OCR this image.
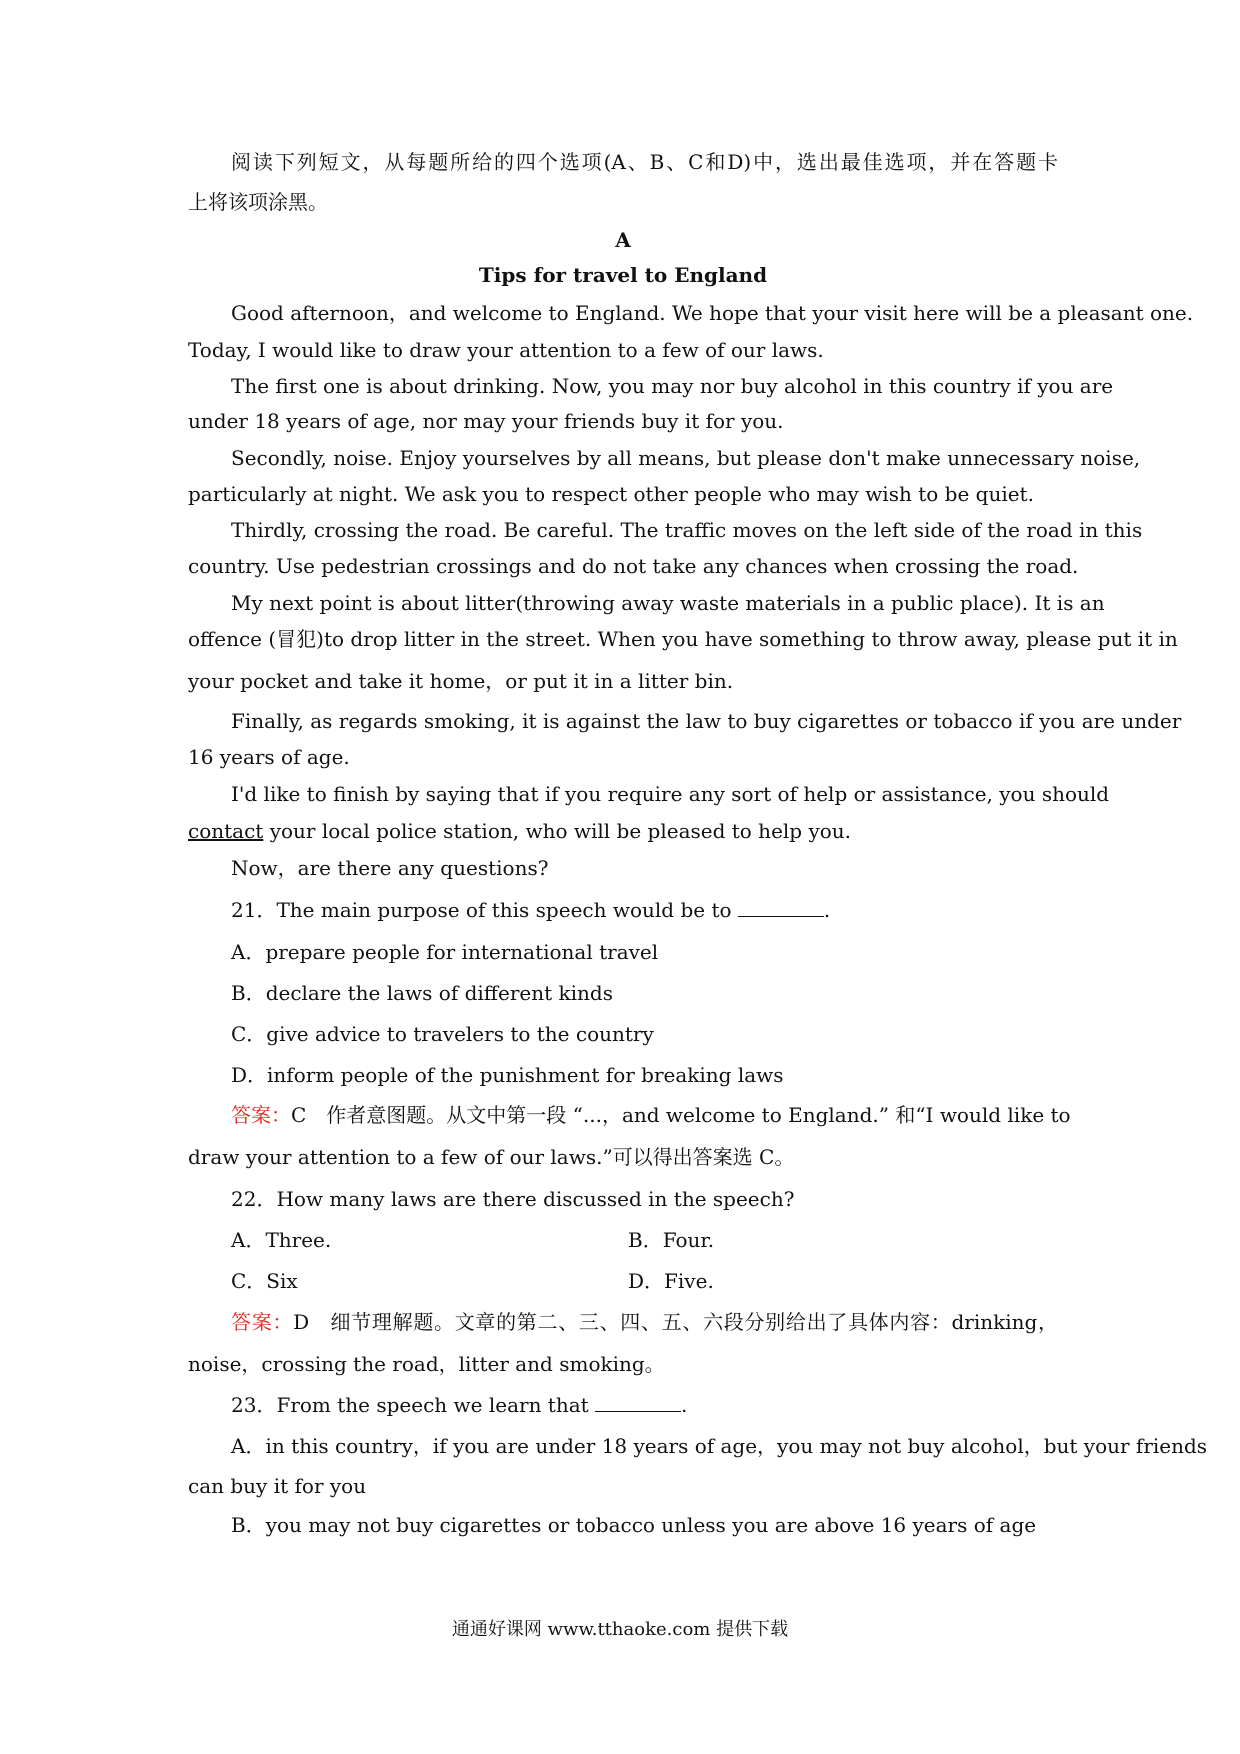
阅读下列短文，从每题所给的四个选项(A、B、C和D)中，选出最佳选项，并在答题卡
上将该项涂黑。
A
Tips for travel to England
Good afternoon，and welcome to England. We hope that your visit here will be a pleasant one.
Today, I would like to draw your attention to a few of our laws.
The first one is about drinking. Now, you may nor buy alcohol in this country if you are
under 18 years of age, nor may your friends buy it for you.
Secondly, noise. Enjoy yourselves by all means, but please don't make unnecessary noise,
particularly at night. We ask you to respect other people who may wish to be quiet.
Thirdly, crossing the road. Be careful. The traffic moves on the left side of the road in this
country. Use pedestrian crossings and do not take any chances when crossing the road.
My next point is about litter(throwing away waste materials in a public place). It is an
offence (冒犯)to drop litter in the street. When you have something to throw away, please put it in
your pocket and take it home，or put it in a litter bin.
Finally, as regards smoking, it is against the law to buy cigarettes or tobacco if you are under
16 years of age.
I'd like to finish by saying that if you require any sort of help or assistance, you should
contact your local police station, who will be pleased to help you.
Now，are there any questions?
21．The main purpose of this speech would be to	.
A．prepare people for international travel
B．declare the laws of different kinds
C．give advice to travelers to the country
D．inform people of the punishment for breaking laws
答案：C　作者意图题。从文中第一段 “...，and welcome to England.” 和“I would like to
draw your attention to a few of our laws.”可以得出答案选 C。
22．How many laws are there discussed in the speech?
A．Three.	B．Four.
C．Six	D．Five.
答案：D　细节理解题。文章的第二、三、四、五、六段分别给出了具体内容：drinking，
noise，crossing the road，litter and smoking。
23．From the speech we learn that	.
A．in this country，if you are under 18 years of age，you may not buy alcohol，but your friends
can buy it for you
B．you may not buy cigarettes or tobacco unless you are above 16 years of age
通通好课网 www.tthaoke.com 提供下载
